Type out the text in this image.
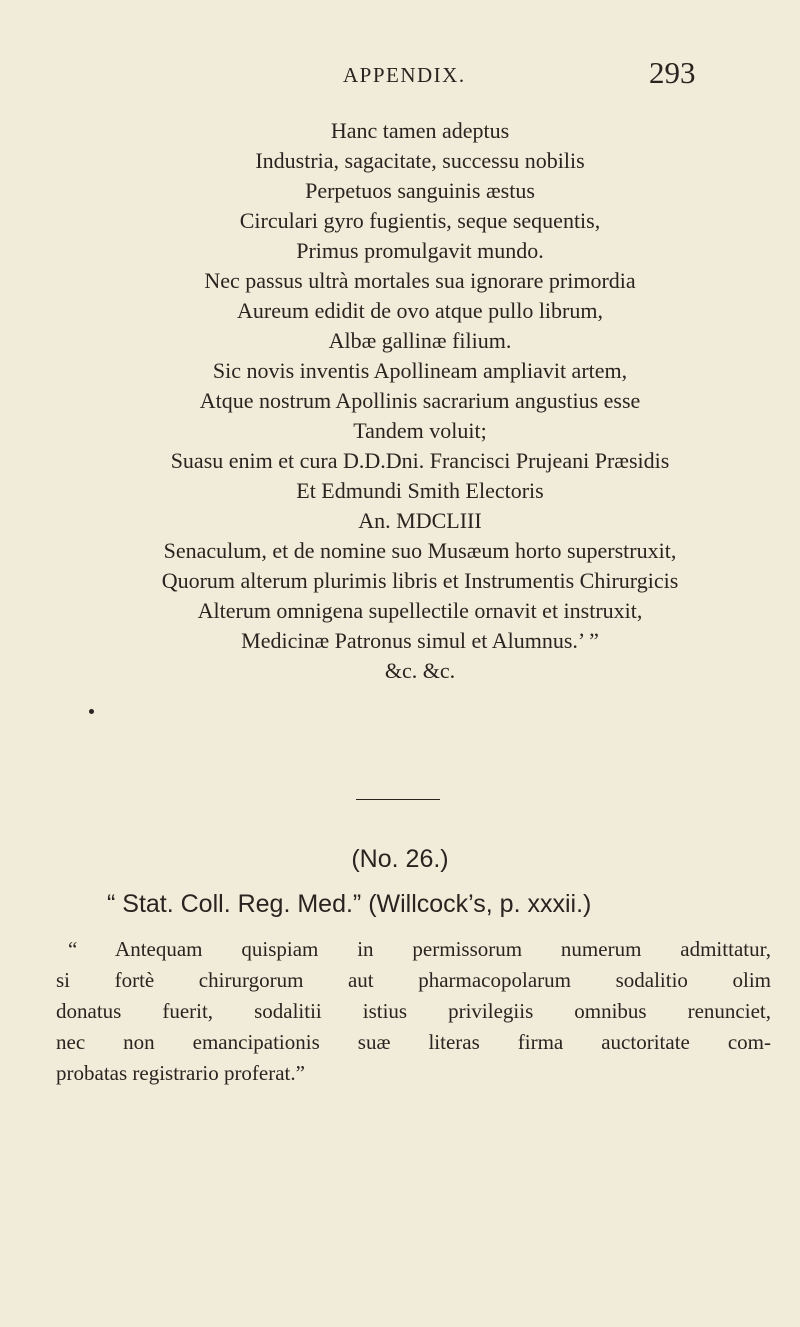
APPENDIX.	293
Hanc tamen adeptus
Industria, sagacitate, successu nobilis
Perpetuos sanguinis æstus
Circulari gyro fugientis, seque sequentis,
Primus promulgavit mundo.
Nec passus ultrà mortales sua ignorare primordia
Aureum edidit de ovo atque pullo librum,
Albæ gallinæ filium.
Sic novis inventis Apollineam ampliavit artem,
Atque nostrum Apollinis sacrarium angustius esse
Tandem voluit;
Suasu enim et cura D.D.Dni. Francisci Prujeani Præsidis
Et Edmundi Smith Electoris
An. MDCLIII
Senaculum, et de nomine suo Musæum horto superstruxit,
Quorum alterum plurimis libris et Instrumentis Chirurgicis
Alterum omnigena supellectile ornavit et instruxit,
Medicinæ Patronus simul et Alumnus.’ ”
&c. &c.
(No. 26.)
“ Stat. Coll. Reg. Med.” (Willcock’s, p. xxxii.)
“ Antequam quispiam in permissorum numerum admittatur,
si fortè chirurgorum aut pharmacopolarum sodalitio olim
donatus fuerit, sodalitii istius privilegiis omnibus renunciet,
nec non emancipationis suæ literas firma auctoritate com-
probatas registrario proferat.”
